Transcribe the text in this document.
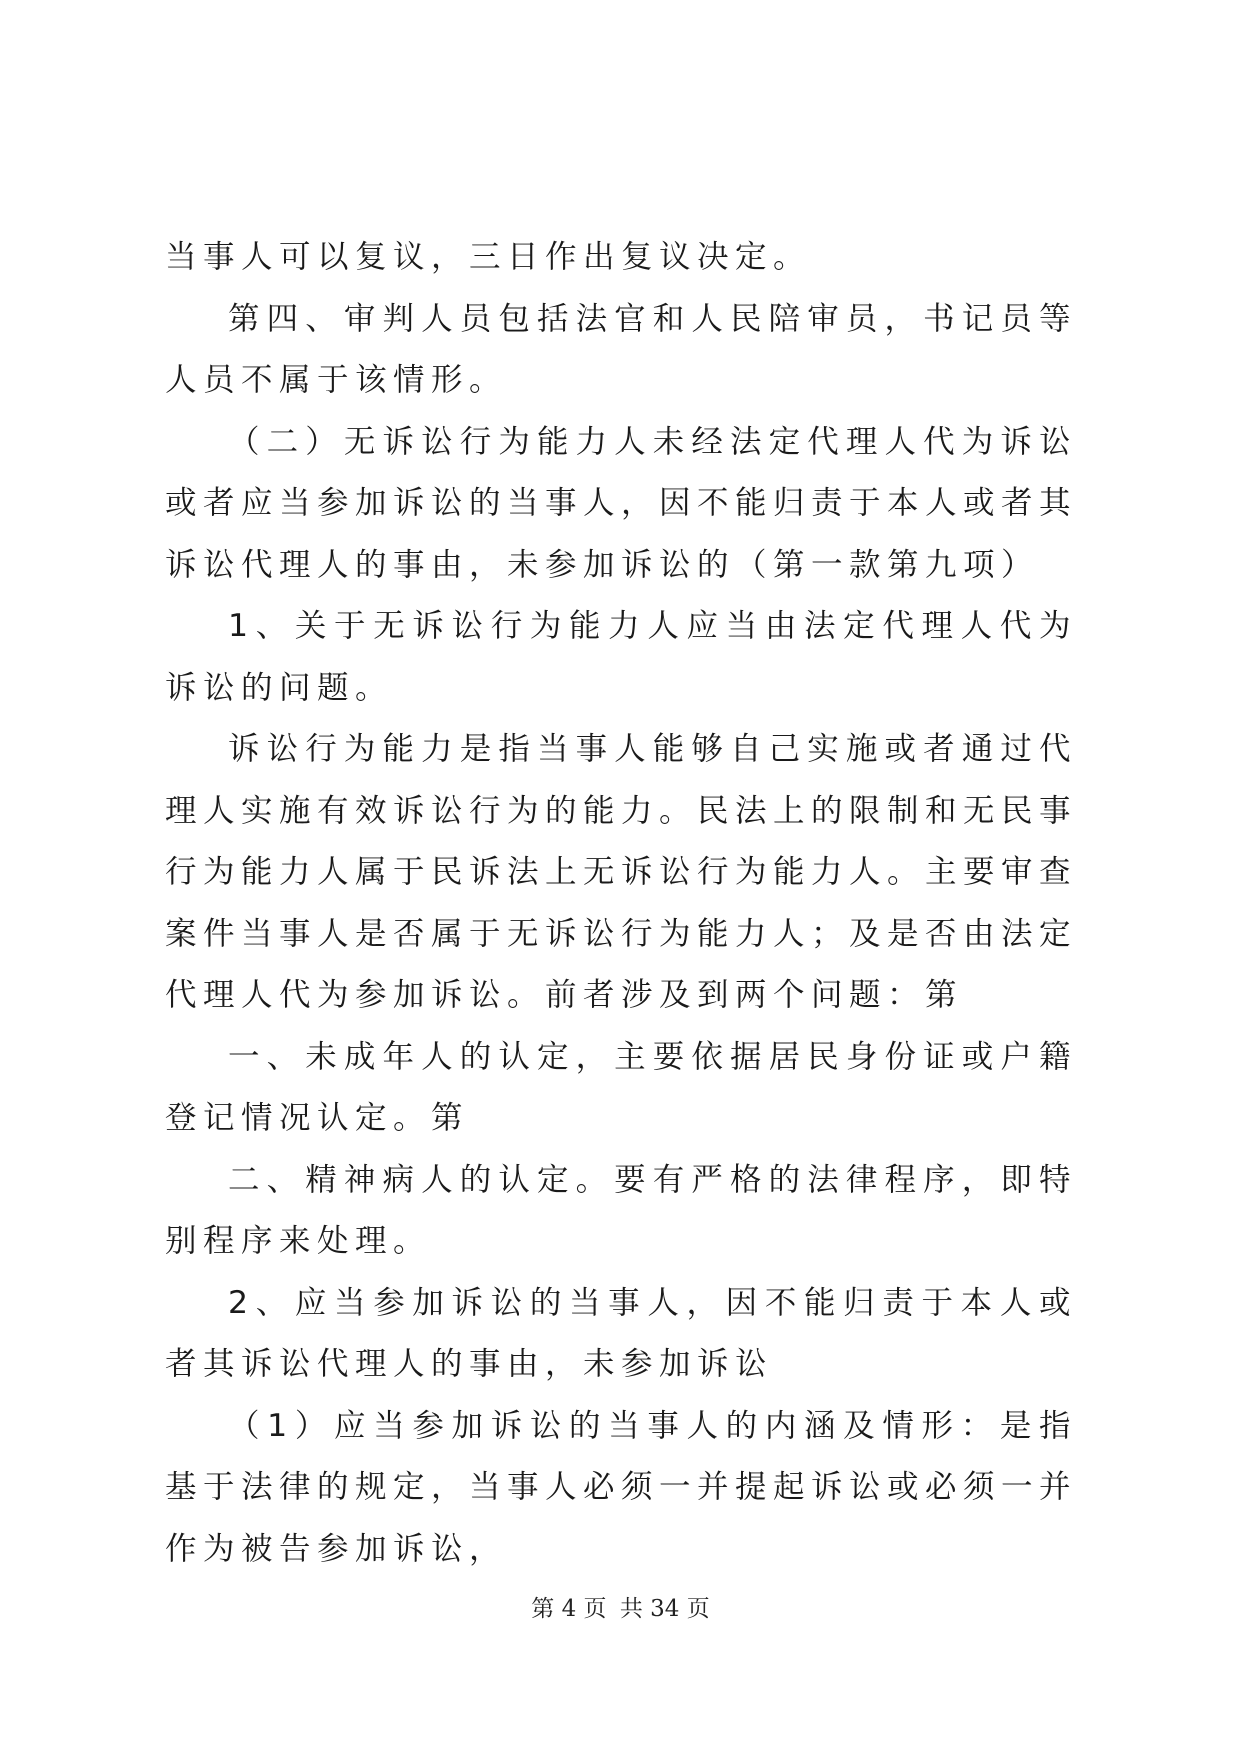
当事人可以复议，三日作出复议决定。

第四、审判人员包括法官和人民陪审员，书记员等人员不属于该情形。

（二）无诉讼行为能力人未经法定代理人代为诉讼或者应当参加诉讼的当事人，因不能归责于本人或者其诉讼代理人的事由，未参加诉讼的（第一款第九项）

1、关于无诉讼行为能力人应当由法定代理人代为诉讼的问题。

诉讼行为能力是指当事人能够自己实施或者通过代理人实施有效诉讼行为的能力。民法上的限制和无民事行为能力人属于民诉法上无诉讼行为能力人。主要审查案件当事人是否属于无诉讼行为能力人；及是否由法定代理人代为参加诉讼。前者涉及到两个问题：第

一、未成年人的认定，主要依据居民身份证或户籍登记情况认定。第

二、精神病人的认定。要有严格的法律程序，即特别程序来处理。

2、应当参加诉讼的当事人，因不能归责于本人或者其诉讼代理人的事由，未参加诉讼

（1）应当参加诉讼的当事人的内涵及情形：是指基于法律的规定，当事人必须一并提起诉讼或必须一并作为被告参加诉讼，

第 4 页 共 34 页
